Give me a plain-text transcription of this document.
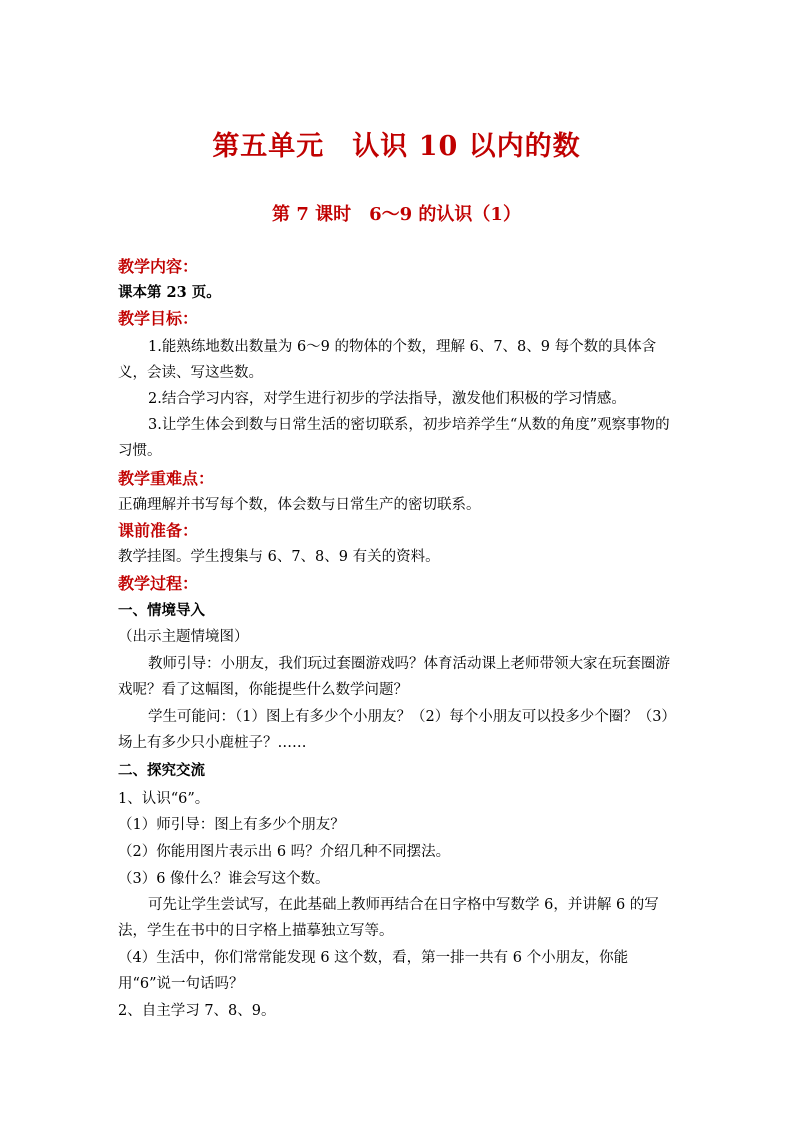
第五单元　认识 10 以内的数
第 7 课时　6～9 的认识（1）

教学内容：

课本第 23 页。

教学目标：

1.能熟练地数出数量为 6～9 的物体的个数，理解 6、7、8、9 每个数的具体含义，会读、写这些数。

2.结合学习内容，对学生进行初步的学法指导，激发他们积极的学习情感。

3.让学生体会到数与日常生活的密切联系，初步培养学生“从数的角度”观察事物的习惯。

教学重难点：

正确理解并书写每个数，体会数与日常生产的密切联系。

课前准备：

教学挂图。学生搜集与 6、7、8、9 有关的资料。

教学过程：

一、情境导入

（出示主题情境图）

教师引导：小朋友，我们玩过套圈游戏吗？体育活动课上老师带领大家在玩套圈游戏呢？看了这幅图，你能提些什么数学问题？

学生可能问：（1）图上有多少个小朋友？（2）每个小朋友可以投多少个圈？（3）场上有多少只小鹿桩子？……

二、探究交流

1、认识“6”。

（1）师引导：图上有多少个朋友？

（2）你能用图片表示出 6 吗？介绍几种不同摆法。

（3）6 像什么？谁会写这个数。

可先让学生尝试写，在此基础上教师再结合在日字格中写数学 6，并讲解 6 的写法，学生在书中的日字格上描摹独立写等。

（4）生活中，你们常常能发现 6 这个数，看，第一排一共有 6 个小朋友，你能用“6”说一句话吗？

2、自主学习 7、8、9。
